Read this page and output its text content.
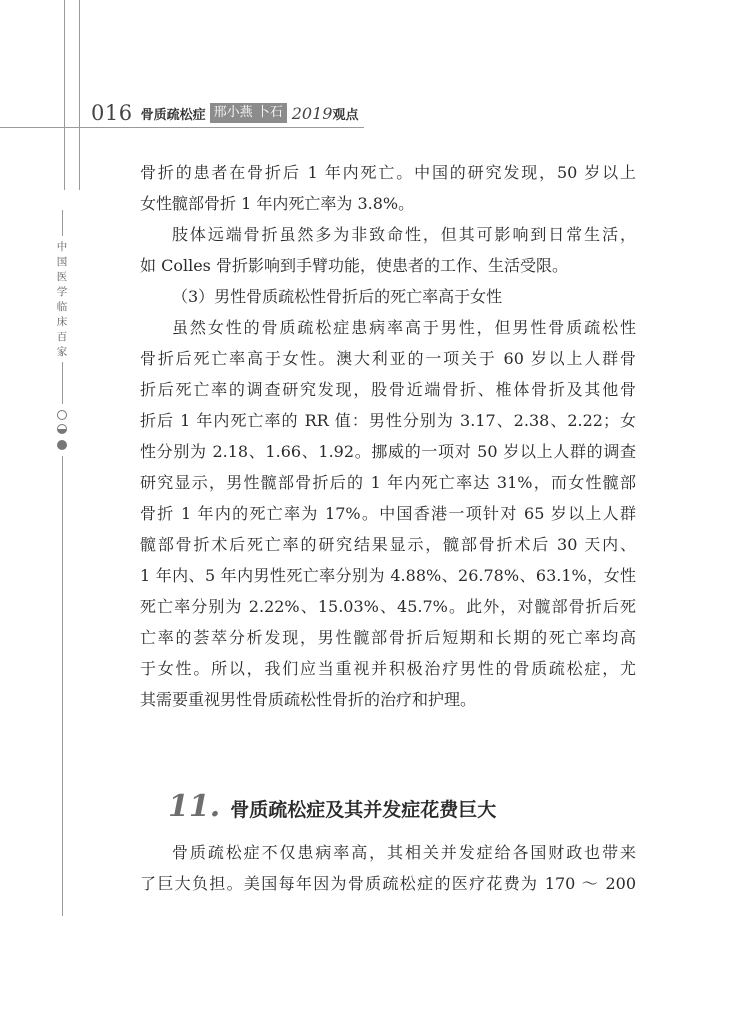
016 骨质疏松症 邢小燕 卜石 2019 观点
中
国
医
学
临
床
百
家
骨折的患者在骨折后 1 年内死亡。中国的研究发现，50 岁以上
女性髋部骨折 1 年内死亡率为 3.8%。
肢体远端骨折虽然多为非致命性，但其可影响到日常生活，
如 Colles 骨折影响到手臂功能，使患者的工作、生活受限。
（3）男性骨质疏松性骨折后的死亡率高于女性
虽然女性的骨质疏松症患病率高于男性，但男性骨质疏松性
骨折后死亡率高于女性。澳大利亚的一项关于 60 岁以上人群骨
折后死亡率的调查研究发现，股骨近端骨折、椎体骨折及其他骨
折后 1 年内死亡率的 RR 值：男性分别为 3.17、2.38、2.22；女
性分别为 2.18、1.66、1.92。挪威的一项对 50 岁以上人群的调查
研究显示，男性髋部骨折后的 1 年内死亡率达 31%，而女性髋部
骨折 1 年内的死亡率为 17%。中国香港一项针对 65 岁以上人群
髋部骨折术后死亡率的研究结果显示，髋部骨折术后 30 天内、
1 年内、5 年内男性死亡率分别为 4.88%、26.78%、63.1%，女性
死亡率分别为 2.22%、15.03%、45.7%。此外，对髋部骨折后死
亡率的荟萃分析发现，男性髋部骨折后短期和长期的死亡率均高
于女性。所以，我们应当重视并积极治疗男性的骨质疏松症，尤
其需要重视男性骨质疏松性骨折的治疗和护理。
11. 骨质疏松症及其并发症花费巨大
骨质疏松症不仅患病率高，其相关并发症给各国财政也带来
了巨大负担。美国每年因为骨质疏松症的医疗花费为 170 ～ 200
